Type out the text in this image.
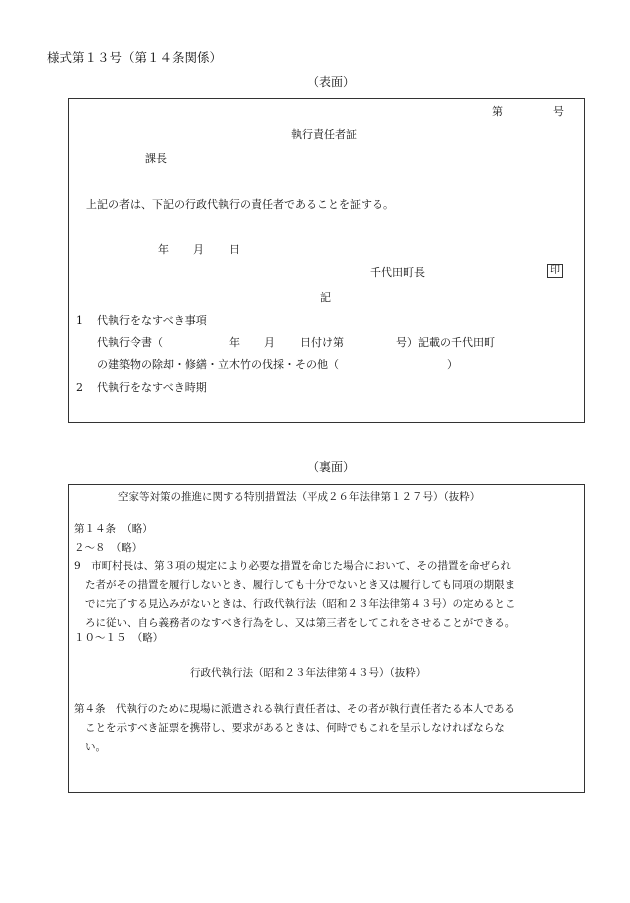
様式第１３号（第１４条関係）
（表面）
第	号
執行責任者証
課長
上記の者は、下記の行政代執行の責任者であることを証する。
年 月 日
千代田町長	印
記
1 代執行をなすべき事項
代執行令書（	年 月 日付け第	号）記載の千代田町
の建築物の除却・修繕・立木竹の伐採・その他（	）
2 代執行をなすべき時期
（裏面）
空家等対策の推進に関する特別措置法（平成２６年法律第１２７号）（抜粋）
第１４条　（略）
２〜８　（略）
9　市町村長は、第３項の規定により必要な措置を命じた場合において、その措置を命ぜられ
た者がその措置を履行しないとき、履行しても十分でないとき又は履行しても同項の期限ま
でに完了する見込みがないときは、行政代執行法（昭和２３年法律第４３号）の定めるとこ
ろに従い、自ら義務者のなすべき行為をし、又は第三者をしてこれをさせることができる。
１０〜１５　（略）
行政代執行法（昭和２３年法律第４３号）（抜粋）
第４条　代執行のために現場に派遣される執行責任者は、その者が執行責任者たる本人である
ことを示すべき証票を携帯し、要求があるときは、何時でもこれを呈示しなければならな
い。
